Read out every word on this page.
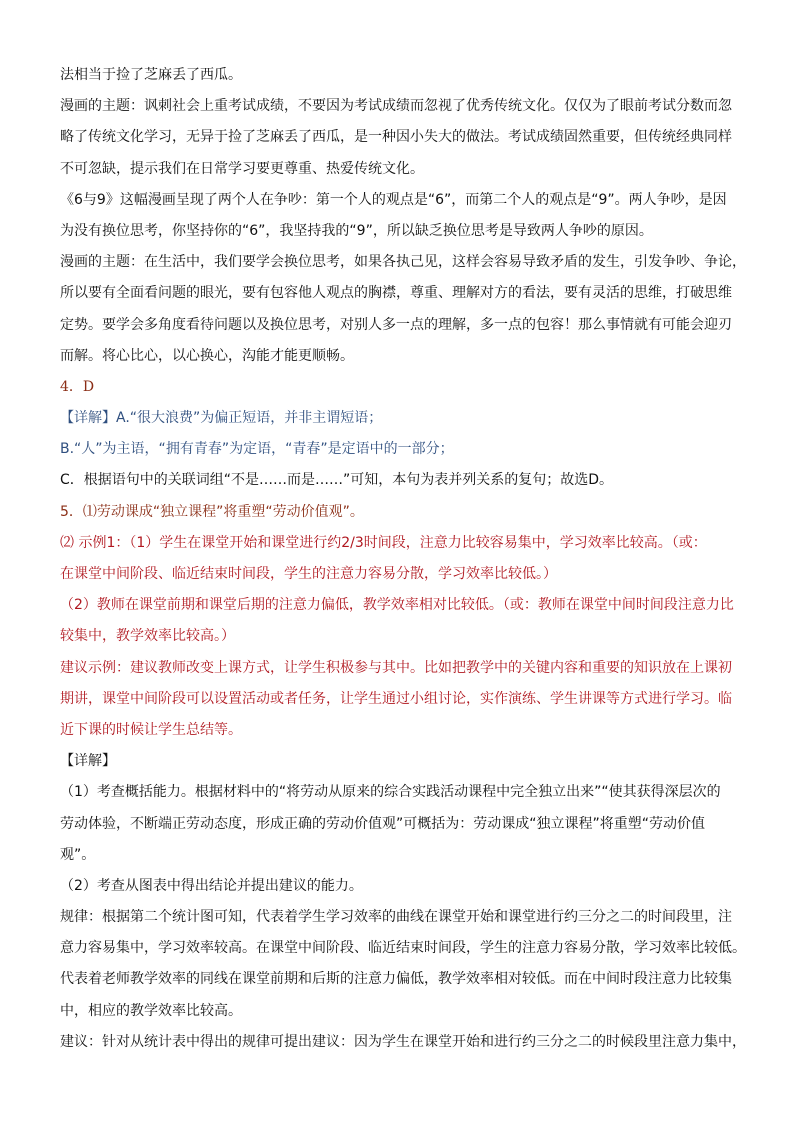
法相当于捡了芝麻丢了西瓜。
漫画的主题：讽刺社会上重考试成绩，不要因为考试成绩而忽视了优秀传统文化。仅仅为了眼前考试分数而忽
略了传统文化学习，无异于捡了芝麻丢了西瓜，是一种因小失大的做法。考试成绩固然重要，但传统经典同样
不可忽缺，提示我们在日常学习要更尊重、热爱传统文化。
《6与9》这幅漫画呈现了两个人在争吵：第一个人的观点是“6”，而第二个人的观点是“9”。两人争吵，是因
为没有换位思考，你坚持你的“6”，我坚持我的“9”，所以缺乏换位思考是导致两人争吵的原因。
漫画的主题：在生活中，我们要学会换位思考，如果各执己见，这样会容易导致矛盾的发生，引发争吵、争论，
所以要有全面看问题的眼光，要有包容他人观点的胸襟，尊重、理解对方的看法，要有灵活的思维，打破思维
定势。要学会多角度看待问题以及换位思考，对别人多一点的理解，多一点的包容！那么事情就有可能会迎刃
而解。将心比心，以心换心，沟能才能更顺畅。
4．D
【详解】A.“很大浪费”为偏正短语，并非主谓短语；
B.“人”为主语，“拥有青春”为定语，“青春”是定语中的一部分；
C．根据语句中的关联词组“不是……而是……”可知，本句为表并列关系的复句；故选D。
5．⑴劳动课成“独立课程”将重塑“劳动价值观”。
⑵ 示例1：（1）学生在课堂开始和课堂进行约2/3时间段，注意力比较容易集中，学习效率比较高。（或：
在课堂中间阶段、临近结束时间段，学生的注意力容易分散，学习效率比较低。）
（2）教师在课堂前期和课堂后期的注意力偏低，教学效率相对比较低。（或：教师在课堂中间时间段注意力比
较集中，教学效率比较高。）
建议示例：建议教师改变上课方式，让学生积极参与其中。比如把教学中的关键内容和重要的知识放在上课初
期讲，课堂中间阶段可以设置活动或者任务，让学生通过小组讨论，实作演练、学生讲课等方式进行学习。临
近下课的时候让学生总结等。
【详解】
（1）考查概括能力。根据材料中的“将劳动从原来的综合实践活动课程中完全独立出来”“使其获得深层次的
劳动体验，不断端正劳动态度，形成正确的劳动价值观”可概括为：劳动课成“独立课程”将重塑“劳动价值
观”。
（2）考查从图表中得出结论并提出建议的能力。
规律：根据第二个统计图可知，代表着学生学习效率的曲线在课堂开始和课堂进行约三分之二的时间段里，注
意力容易集中，学习效率较高。在课堂中间阶段、临近结束时间段，学生的注意力容易分散，学习效率比较低。
代表着老师教学效率的同线在课堂前期和后斯的注意力偏低，教学效率相对较低。而在中间时段注意力比较集
中，相应的教学效率比较高。
建议：针对从统计表中得出的规律可提出建议：因为学生在课堂开始和进行约三分之二的时候段里注意力集中，
